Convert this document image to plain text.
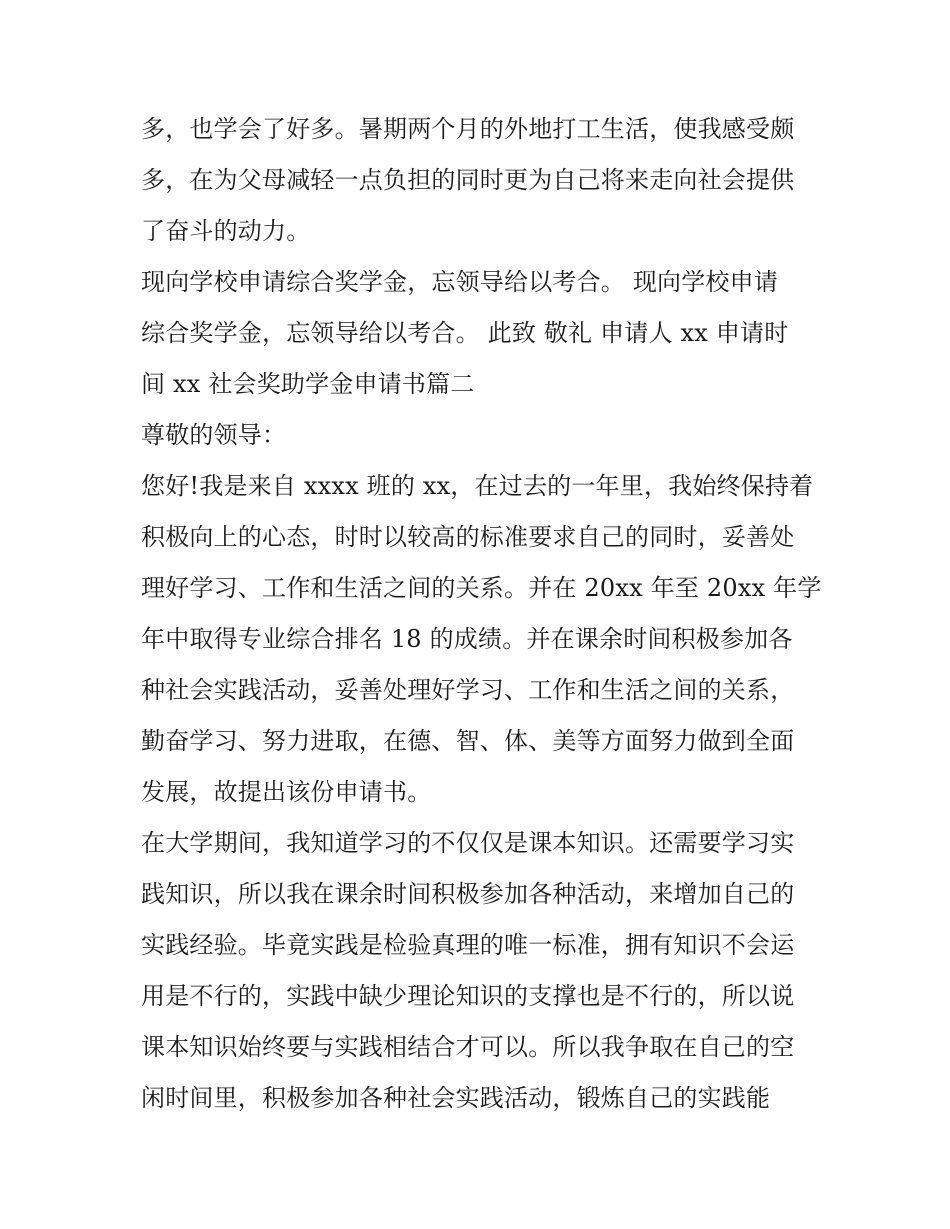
多，也学会了好多。暑期两个月的外地打工生活，使我感受颇
多，在为父母减轻一点负担的同时更为自己将来走向社会提供
了奋斗的动力。

现向学校申请综合奖学金，忘领导给以考合。 现向学校申请
综合奖学金，忘领导给以考合。 此致 敬礼 申请人 xx 申请时
间 xx 社会奖助学金申请书篇二

尊敬的领导：

您好!我是来自 xxxx 班的 xx，在过去的一年里，我始终保持着
积极向上的心态，时时以较高的标准要求自己的同时，妥善处
理好学习、工作和生活之间的关系。并在 20xx 年至 20xx 年学
年中取得专业综合排名 18 的成绩。并在课余时间积极参加各
种社会实践活动，妥善处理好学习、工作和生活之间的关系，
勤奋学习、努力进取，在德、智、体、美等方面努力做到全面
发展，故提出该份申请书。

在大学期间，我知道学习的不仅仅是课本知识。还需要学习实
践知识，所以我在课余时间积极参加各种活动，来增加自己的
实践经验。毕竟实践是检验真理的唯一标准，拥有知识不会运
用是不行的，实践中缺少理论知识的支撑也是不行的，所以说
课本知识始终要与实践相结合才可以。所以我争取在自己的空
闲时间里，积极参加各种社会实践活动，锻炼自己的实践能
